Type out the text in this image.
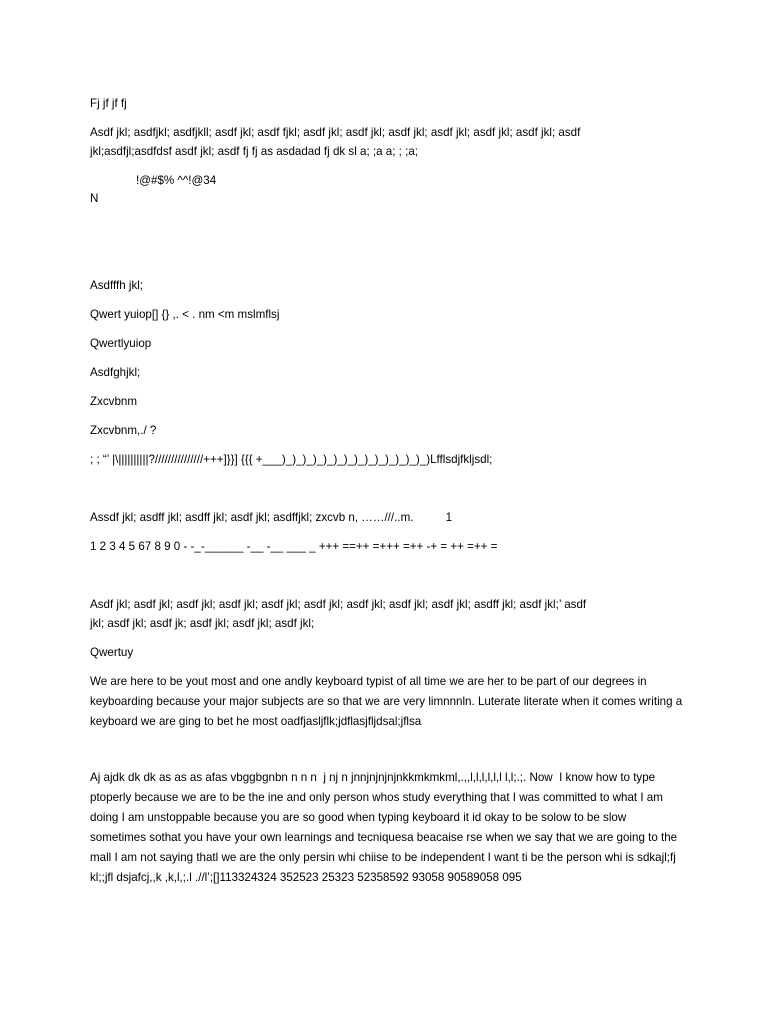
Fj jf jf fj
Asdf jkl; asdfjkl; asdfjkll; asdf jkl; asdf fjkl; asdf jkl; asdf jkl; asdf jkl; asdf jkl; asdf jkl; asdf jkl; asdf
jkl;asdfjl;asdfdsf asdf jkl; asdf fj fj as asdadad fj dk sl a; ;a a; ; ;a;
!@#$% ^^!@34
N
Asdfffh jkl;
Qwert yuiop[] {} ,. < . nm <m mslmflsj
Qwertlyuiop
Asdfghjkl;
Zxcvbnm
Zxcvbnm,./ ?
; ; “’ |\||||||||||?///////////////+++]}}] {{{ +___)_)_)_)_)_)_)_)_)_)_)_)_)_)_)Lfflsdjfkljsdl;
Assdf jkl; asdff jkl; asdff jkl; asdf jkl; asdffjkl; zxcvb n, ……///..m.          1
1 2 3 4 5 67 8 9 0 - -_-______ -__ -__ ___ _ +++ ==++ =+++ =++ -+ = ++ =++ =
Asdf jkl; asdf jkl; asdf jkl; asdf jkl; asdf jkl; asdf jkl; asdf jkl; asdf jkl; asdf jkl; asdff jkl; asdf jkl;’ asdf
jkl; asdf jkl; asdf jk; asdf jkl; asdf jkl; asdf jkl;
Qwertuy
We are here to be yout most and one andly keyboard typist of all time we are her to be part of our degrees in keyboarding because your major subjects are so that we are very limnnnln. Luterate literate when it comes writing a keyboard we are ging to bet he most oadfjasljflk;jdflasjfljdsal;jflsa
Aj ajdk dk dk as as as afas vbggbgnbn n n n  j nj n jnnjnjnjnjnkkmkmkml,.,,l,l,l,l,l,l l,l;.;. Now  I know how to type ptoperly because we are to be the ine and only person whos study everything that I was committed to what I am doing I am unstoppable because you are so good when typing keyboard it id okay to be solow to be slow sometimes sothat you have your own learnings and tecniquesa beacaise rse when we say that we are going to the mall I am not saying thatl we are the only persin whi chiise to be independent I want ti be the person whi is sdkajl;fj kl;;jfl dsjafcj,,k ,k,l,;.l .//l’;[]113324324 352523 25323 52358592 93058 90589058 095
